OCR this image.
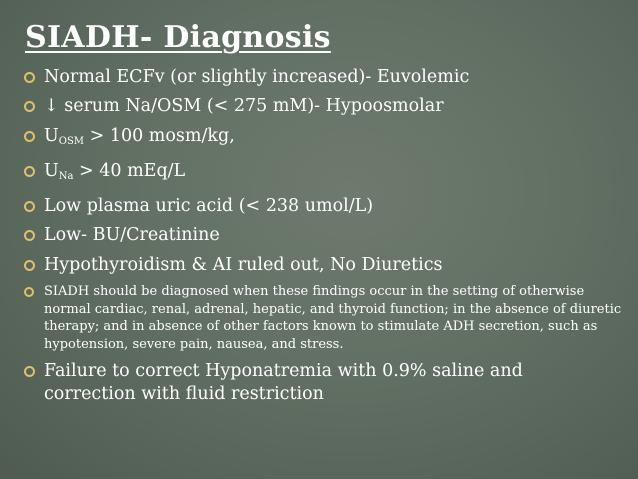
SIADH- Diagnosis
Normal ECFv (or slightly increased)- Euvolemic
↓ serum Na/OSM (< 275 mM)- Hypoosmolar
$U_{OSM} > 100$ mosm/kg,
$U_{Na} > 40$ mEq/L
Low plasma uric acid (< 238 umol/L)
Low- BU/Creatinine
Hypothyroidism & AI ruled out, No Diuretics
SIADH should be diagnosed when these findings occur in the setting of otherwise normal cardiac, renal, adrenal, hepatic, and thyroid function; in the absence of diuretic therapy; and in absence of other factors known to stimulate ADH secretion, such as hypotension, severe pain, nausea, and stress.
Failure to correct Hyponatremia with 0.9% saline and correction with fluid restriction
